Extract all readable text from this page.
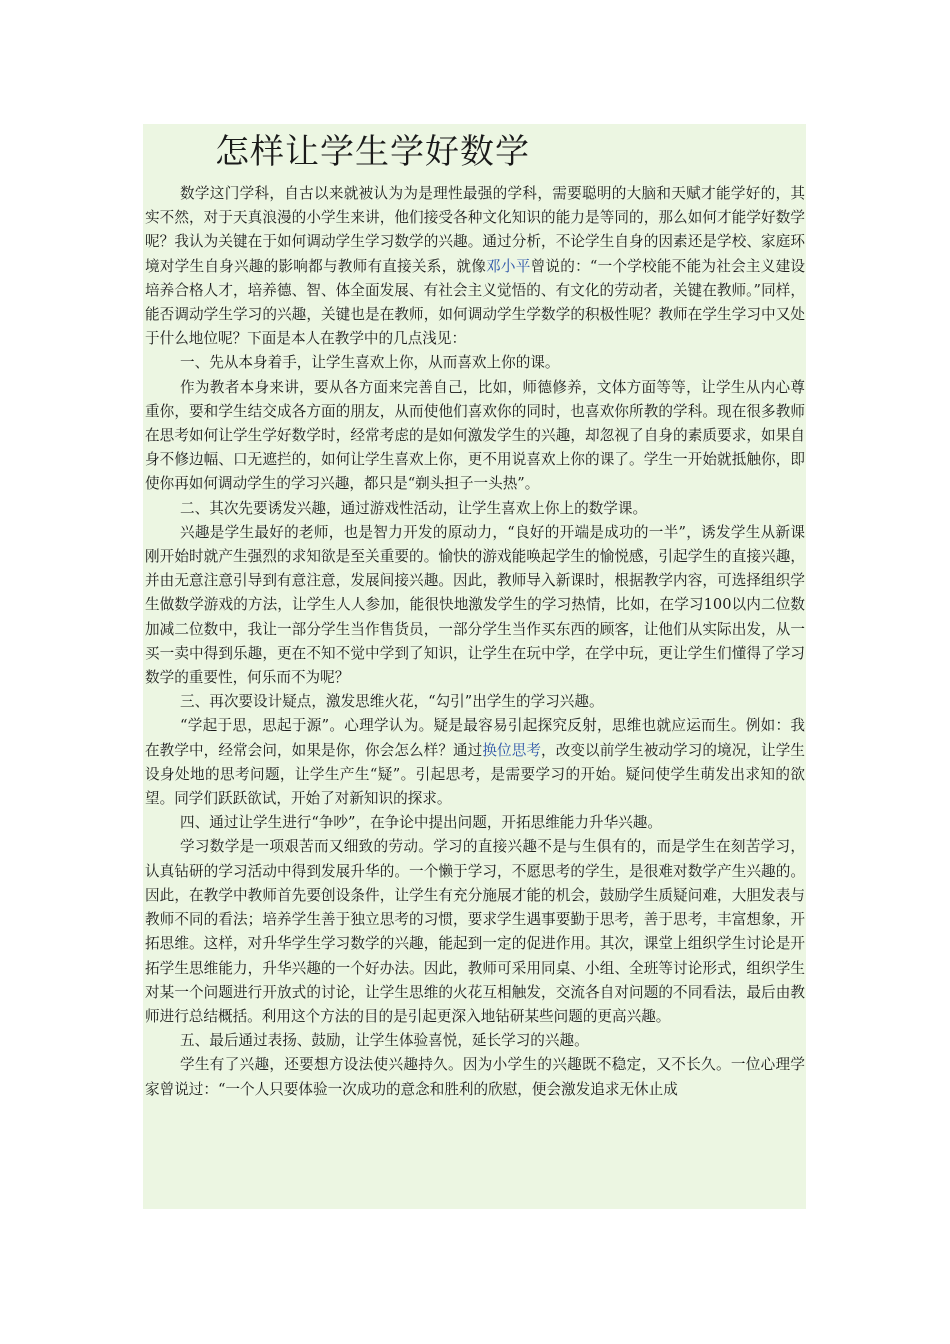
怎样让学生学好数学

数学这门学科，自古以来就被认为为是理性最强的学科，需要聪明的大脑和天赋才能学好的，其实不然，对于天真浪漫的小学生来讲，他们接受各种文化知识的能力是等同的，那么如何才能学好数学呢？我认为关键在于如何调动学生学习数学的兴趣。通过分析，不论学生自身的因素还是学校、家庭环境对学生自身兴趣的影响都与教师有直接关系，就像邓小平曾说的：“一个学校能不能为社会主义建设培养合格人才，培养德、智、体全面发展、有社会主义觉悟的、有文化的劳动者，关键在教师。”同样，能否调动学生学习的兴趣，关键也是在教师，如何调动学生学数学的积极性呢？教师在学生学习中又处于什么地位呢？下面是本人在教学中的几点浅见：

一、先从本身着手，让学生喜欢上你，从而喜欢上你的课。

作为教者本身来讲，要从各方面来完善自己，比如，师德修养，文体方面等等，让学生从内心尊重你，要和学生结交成各方面的朋友，从而使他们喜欢你的同时，也喜欢你所教的学科。现在很多教师在思考如何让学生学好数学时，经常考虑的是如何激发学生的兴趣，却忽视了自身的素质要求，如果自身不修边幅、口无遮拦的，如何让学生喜欢上你，更不用说喜欢上你的课了。学生一开始就抵触你，即使你再如何调动学生的学习兴趣，都只是“剃头担子一头热”。

二、其次先要诱发兴趣，通过游戏性活动，让学生喜欢上你上的数学课。

兴趣是学生最好的老师，也是智力开发的原动力，“良好的开端是成功的一半”，诱发学生从新课刚开始时就产生强烈的求知欲是至关重要的。愉快的游戏能唤起学生的愉悦感，引起学生的直接兴趣，并由无意注意引导到有意注意，发展间接兴趣。因此，教师导入新课时，根据教学内容，可选择组织学生做数学游戏的方法，让学生人人参加，能很快地激发学生的学习热情，比如，在学习100以内二位数加减二位数中，我让一部分学生当作售货员，一部分学生当作买东西的顾客，让他们从实际出发，从一买一卖中得到乐趣，更在不知不觉中学到了知识，让学生在玩中学，在学中玩，更让学生们懂得了学习数学的重要性，何乐而不为呢？

三、再次要设计疑点，激发思维火花，“勾引”出学生的学习兴趣。

“学起于思，思起于源”。心理学认为。疑是最容易引起探究反射，思维也就应运而生。例如：我在教学中，经常会问，如果是你，你会怎么样？通过换位思考，改变以前学生被动学习的境况，让学生设身处地的思考问题，让学生产生“疑”。引起思考，是需要学习的开始。疑问使学生萌发出求知的欲望。同学们跃跃欲试，开始了对新知识的探求。

四、通过让学生进行“争吵”，在争论中提出问题，开拓思维能力升华兴趣。

学习数学是一项艰苦而又细致的劳动。学习的直接兴趣不是与生俱有的，而是学生在刻苦学习，认真钻研的学习活动中得到发展升华的。一个懒于学习，不愿思考的学生，是很难对数学产生兴趣的。因此，在教学中教师首先要创设条件，让学生有充分施展才能的机会，鼓励学生质疑问难，大胆发表与教师不同的看法；培养学生善于独立思考的习惯，要求学生遇事要勤于思考，善于思考，丰富想象，开拓思维。这样，对升华学生学习数学的兴趣，能起到一定的促进作用。其次，课堂上组织学生讨论是开拓学生思维能力，升华兴趣的一个好办法。因此，教师可采用同桌、小组、全班等讨论形式，组织学生对某一个问题进行开放式的讨论，让学生思维的火花互相触发，交流各自对问题的不同看法，最后由教师进行总结概括。利用这个方法的目的是引起更深入地钻研某些问题的更高兴趣。

五、最后通过表扬、鼓励，让学生体验喜悦，延长学习的兴趣。

学生有了兴趣，还要想方设法使兴趣持久。因为小学生的兴趣既不稳定，又不长久。一位心理学家曾说过：“一个人只要体验一次成功的意念和胜利的欣慰，便会激发追求无休止成
